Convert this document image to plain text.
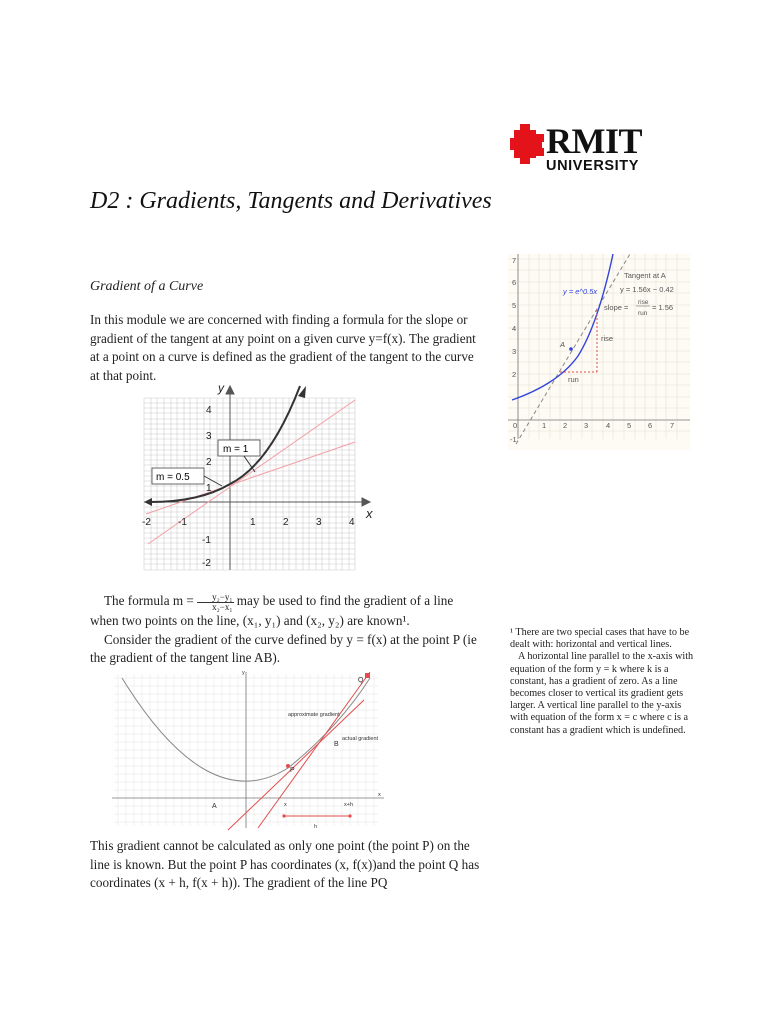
RMIT
UNIVERSITY
D2 : Gradients, Tangents and Derivatives
Gradient of a Curve
In this module we are concerned with finding a formula for the slope or gradient of the tangent at any point on a given curve y=f(x). The gradient at a point on a curve is defined as the gradient of the tangent to the curve at that point.
-2	-1	1	2	3	4
4
3
2
1
-1
-2
x
y
m = 1
m = 0.5
7
6
5
4
3
2
0	1 2 3 4 5 6 7
-1
y = e^0.5x
Tangent at A
y = 1.56x − 0.42
slope =
rise
run
= 1.56
A
rise
run
The formula $m = \frac{\text{y₂−y₁}}{\text{x₂−x₁}}$ may be used to find the gradient of a line when two points on the line, (x₁, y₁) and (x₂, y₂) are known¹.
Consider the gradient of the curve defined by y = f(x) at the point P (ie the gradient of the tangent line AB).
¹ There are two special cases that have to be dealt with: horizontal and vertical lines.
A horizontal line parallel to the x-axis with equation of the form y = k where k is a constant, has a gradient of zero. As a line becomes closer to vertical its gradient gets larger. A vertical line parallel to the y-axis with equation of the form x = c where c is a constant has a gradient which is undefined.
A
B
P
Q
approximate gradient
actual gradient
x	x+h
h
y
x
This gradient cannot be calculated as only one point (the point P) on the line is known. But the point P has coordinates (x, f(x))and the point Q has coordinates (x + h, f(x + h)). The gradient of the line PQ
